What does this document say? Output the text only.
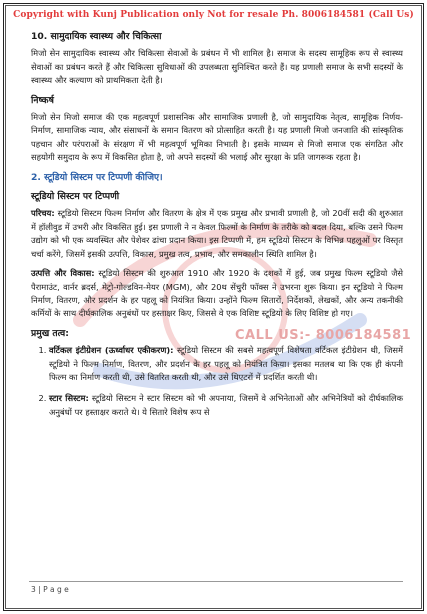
Copyright with Kunj Publication only Not for resale Ph. 8006184581 (Call Us)
CALL US:- 8006184581
10. सामुदायिक स्वास्थ्य और चिकित्सा

मिजो सेन सामुदायिक स्वास्थ्य और चिकित्सा सेवाओं के प्रबंधन में भी शामिल है। समाज के सदस्य सामूहिक रूप से स्वास्थ्य सेवाओं का प्रबंधन करते हैं और चिकित्सा सुविधाओं की उपलब्धता सुनिश्चित करते हैं। यह प्रणाली समाज के सभी सदस्यों के स्वास्थ्य और कल्याण को प्राथमिकता देती है।

निष्कर्ष

मिजो सेन मिजो समाज की एक महत्वपूर्ण प्रशासनिक और सामाजिक प्रणाली है, जो सामुदायिक नेतृत्व, सामूहिक निर्णय-निर्माण, सामाजिक न्याय, और संसाधनों के समान वितरण को प्रोत्साहित करती है। यह प्रणाली मिजो जनजाति की सांस्कृतिक पहचान और परंपराओं के संरक्षण में भी महत्वपूर्ण भूमिका निभाती है। इसके माध्यम से मिजो समाज एक संगठित और सहयोगी समुदाय के रूप में विकसित होता है, जो अपने सदस्यों की भलाई और सुरक्षा के प्रति जागरूक रहता है।

2. स्टूडियो सिस्टम पर टिप्पणी कीजिए।
स्टूडियो सिस्टम पर टिप्पणी

परिचय: स्टूडियो सिस्टम फिल्म निर्माण और वितरण के क्षेत्र में एक प्रमुख और प्रभावी प्रणाली है, जो 20वीं सदी की शुरुआत में हॉलीवुड में उभरी और विकसित हुई। इस प्रणाली ने न केवल फिल्मों के निर्माण के तरीके को बदल दिया, बल्कि उसने फिल्म उद्योग को भी एक व्यवस्थित और पेशेवर ढांचा प्रदान किया। इस टिप्पणी में, हम स्टूडियो सिस्टम के विभिन्न पहलुओं पर विस्तृत चर्चा करेंगे, जिसमें इसकी उत्पत्ति, विकास, प्रमुख तत्व, प्रभाव, और समकालीन स्थिति शामिल है।

उत्पत्ति और विकास: स्टूडियो सिस्टम की शुरुआत 1910 और 1920 के दशकों में हुई, जब प्रमुख फिल्म स्टूडियो जैसे पैरामाउंट, वार्नर ब्रदर्स, मेट्रो-गोल्डविन-मेयर (MGM), और 20थ सेंचुरी फॉक्स ने उभरना शुरू किया। इन स्टूडियो ने फिल्म निर्माण, वितरण, और प्रदर्शन के हर पहलू को नियंत्रित किया। उन्होंने फिल्म सितारों, निर्देशकों, लेखकों, और अन्य तकनीकी कर्मियों के साथ दीर्घकालिक अनुबंधों पर हस्ताक्षर किए, जिससे वे एक विशिष्ट स्टूडियो के लिए विशिष्ट हो गए।

प्रमुख तत्व:
1. वर्टिकल इंटीग्रेशन (ऊर्ध्वाधर एकीकरण): स्टूडियो सिस्टम की सबसे महत्वपूर्ण विशेषता वर्टिकल इंटीग्रेशन थी, जिसमें स्टूडियो ने फिल्म निर्माण, वितरण, और प्रदर्शन के हर पहलू को नियंत्रित किया। इसका मतलब था कि एक ही कंपनी फिल्म का निर्माण करती थी, उसे वितरित करती थी, और उसे थिएटरों में प्रदर्शित करती थी।
2. स्टार सिस्टम: स्टूडियो सिस्टम ने स्टार सिस्टम को भी अपनाया, जिसमें वे अभिनेताओं और अभिनेत्रियों को दीर्घकालिक अनुबंधों पर हस्ताक्षर कराते थे। ये सितारे विशेष रूप से
3 | P a g e
